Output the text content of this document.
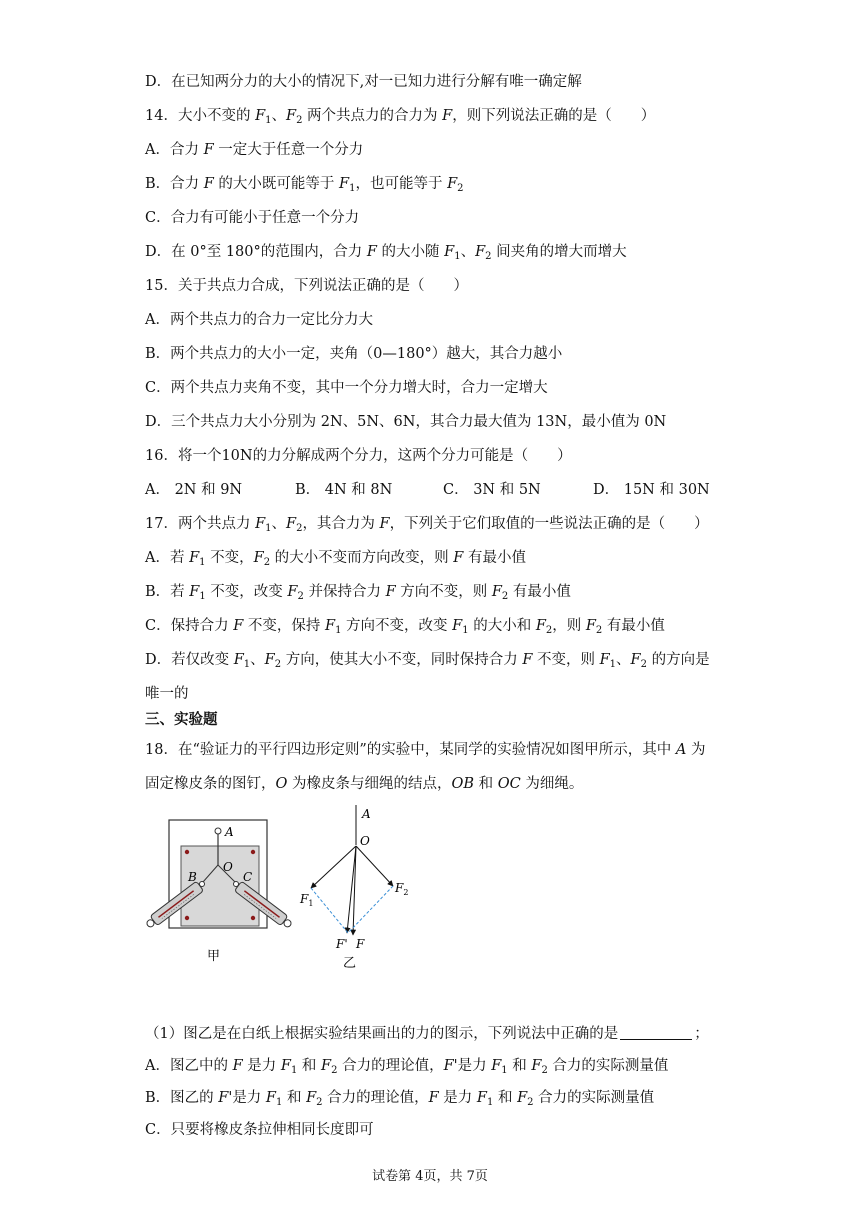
D．在已知两分力的大小的情况下,对一已知力进行分解有唯一确定解
14．大小不变的 $F_1$、$F_2$ 两个共点力的合力为 F，则下列说法正确的是（　　）
A．合力 F 一定大于任意一个分力
B．合力 F 的大小既可能等于 $F_1$，也可能等于 $F_2$
C．合力有可能小于任意一个分力
D．在 0°至 180°的范围内，合力 F 的大小随 $F_1$、$F_2$ 间夹角的增大而增大
15．关于共点力合成，下列说法正确的是（　　）
A．两个共点力的合力一定比分力大
B．两个共点力的大小一定，夹角（0—180°）越大，其合力越小
C．两个共点力夹角不变，其中一个分力增大时，合力一定增大
D．三个共点力大小分别为 2N、5N、6N，其合力最大值为 13N，最小值为 0N
16．将一个10N的力分解成两个分力，这两个分力可能是（　　）
A． 2N 和 9N	B． 4N 和 8N	C． 3N 和 5N	D． 15N 和 30N
17．两个共点力 $F_1$、$F_2$，其合力为 F，下列关于它们取值的一些说法正确的是（　　）
A．若 $F_1$ 不变，$F_2$ 的大小不变而方向改变，则 F 有最小值
B．若 $F_1$ 不变，改变 $F_2$ 并保持合力 F 方向不变，则 $F_2$ 有最小值
C．保持合力 F 不变，保持 $F_1$ 方向不变，改变 $F_1$ 的大小和 $F_2$，则 $F_2$ 有最小值
D．若仅改变 $F_1$、$F_2$ 方向，使其大小不变，同时保持合力 F 不变，则 $F_1$、$F_2$ 的方向是
唯一的
三、实验题
18．在“验证力的平行四边形定则”的实验中，某同学的实验情况如图甲所示，其中 A 为
固定橡皮条的图钉，O 为橡皮条与细绳的结点，OB 和 OC 为细绳。
A
O
B	C
甲
A
O
$F_1$
$F_2$
F' F
乙
（1）图乙是在白纸上根据实验结果画出的力的图示，下列说法中正确的是	；
A．图乙中的 F 是力 $F_1$ 和 $F_2$ 合力的理论值，F'是力 $F_1$ 和 $F_2$ 合力的实际测量值
B．图乙的 F'是力 $F_1$ 和 $F_2$ 合力的理论值，F 是力 $F_1$ 和 $F_2$ 合力的实际测量值
C．只要将橡皮条拉伸相同长度即可
试卷第 4页，共 7页
